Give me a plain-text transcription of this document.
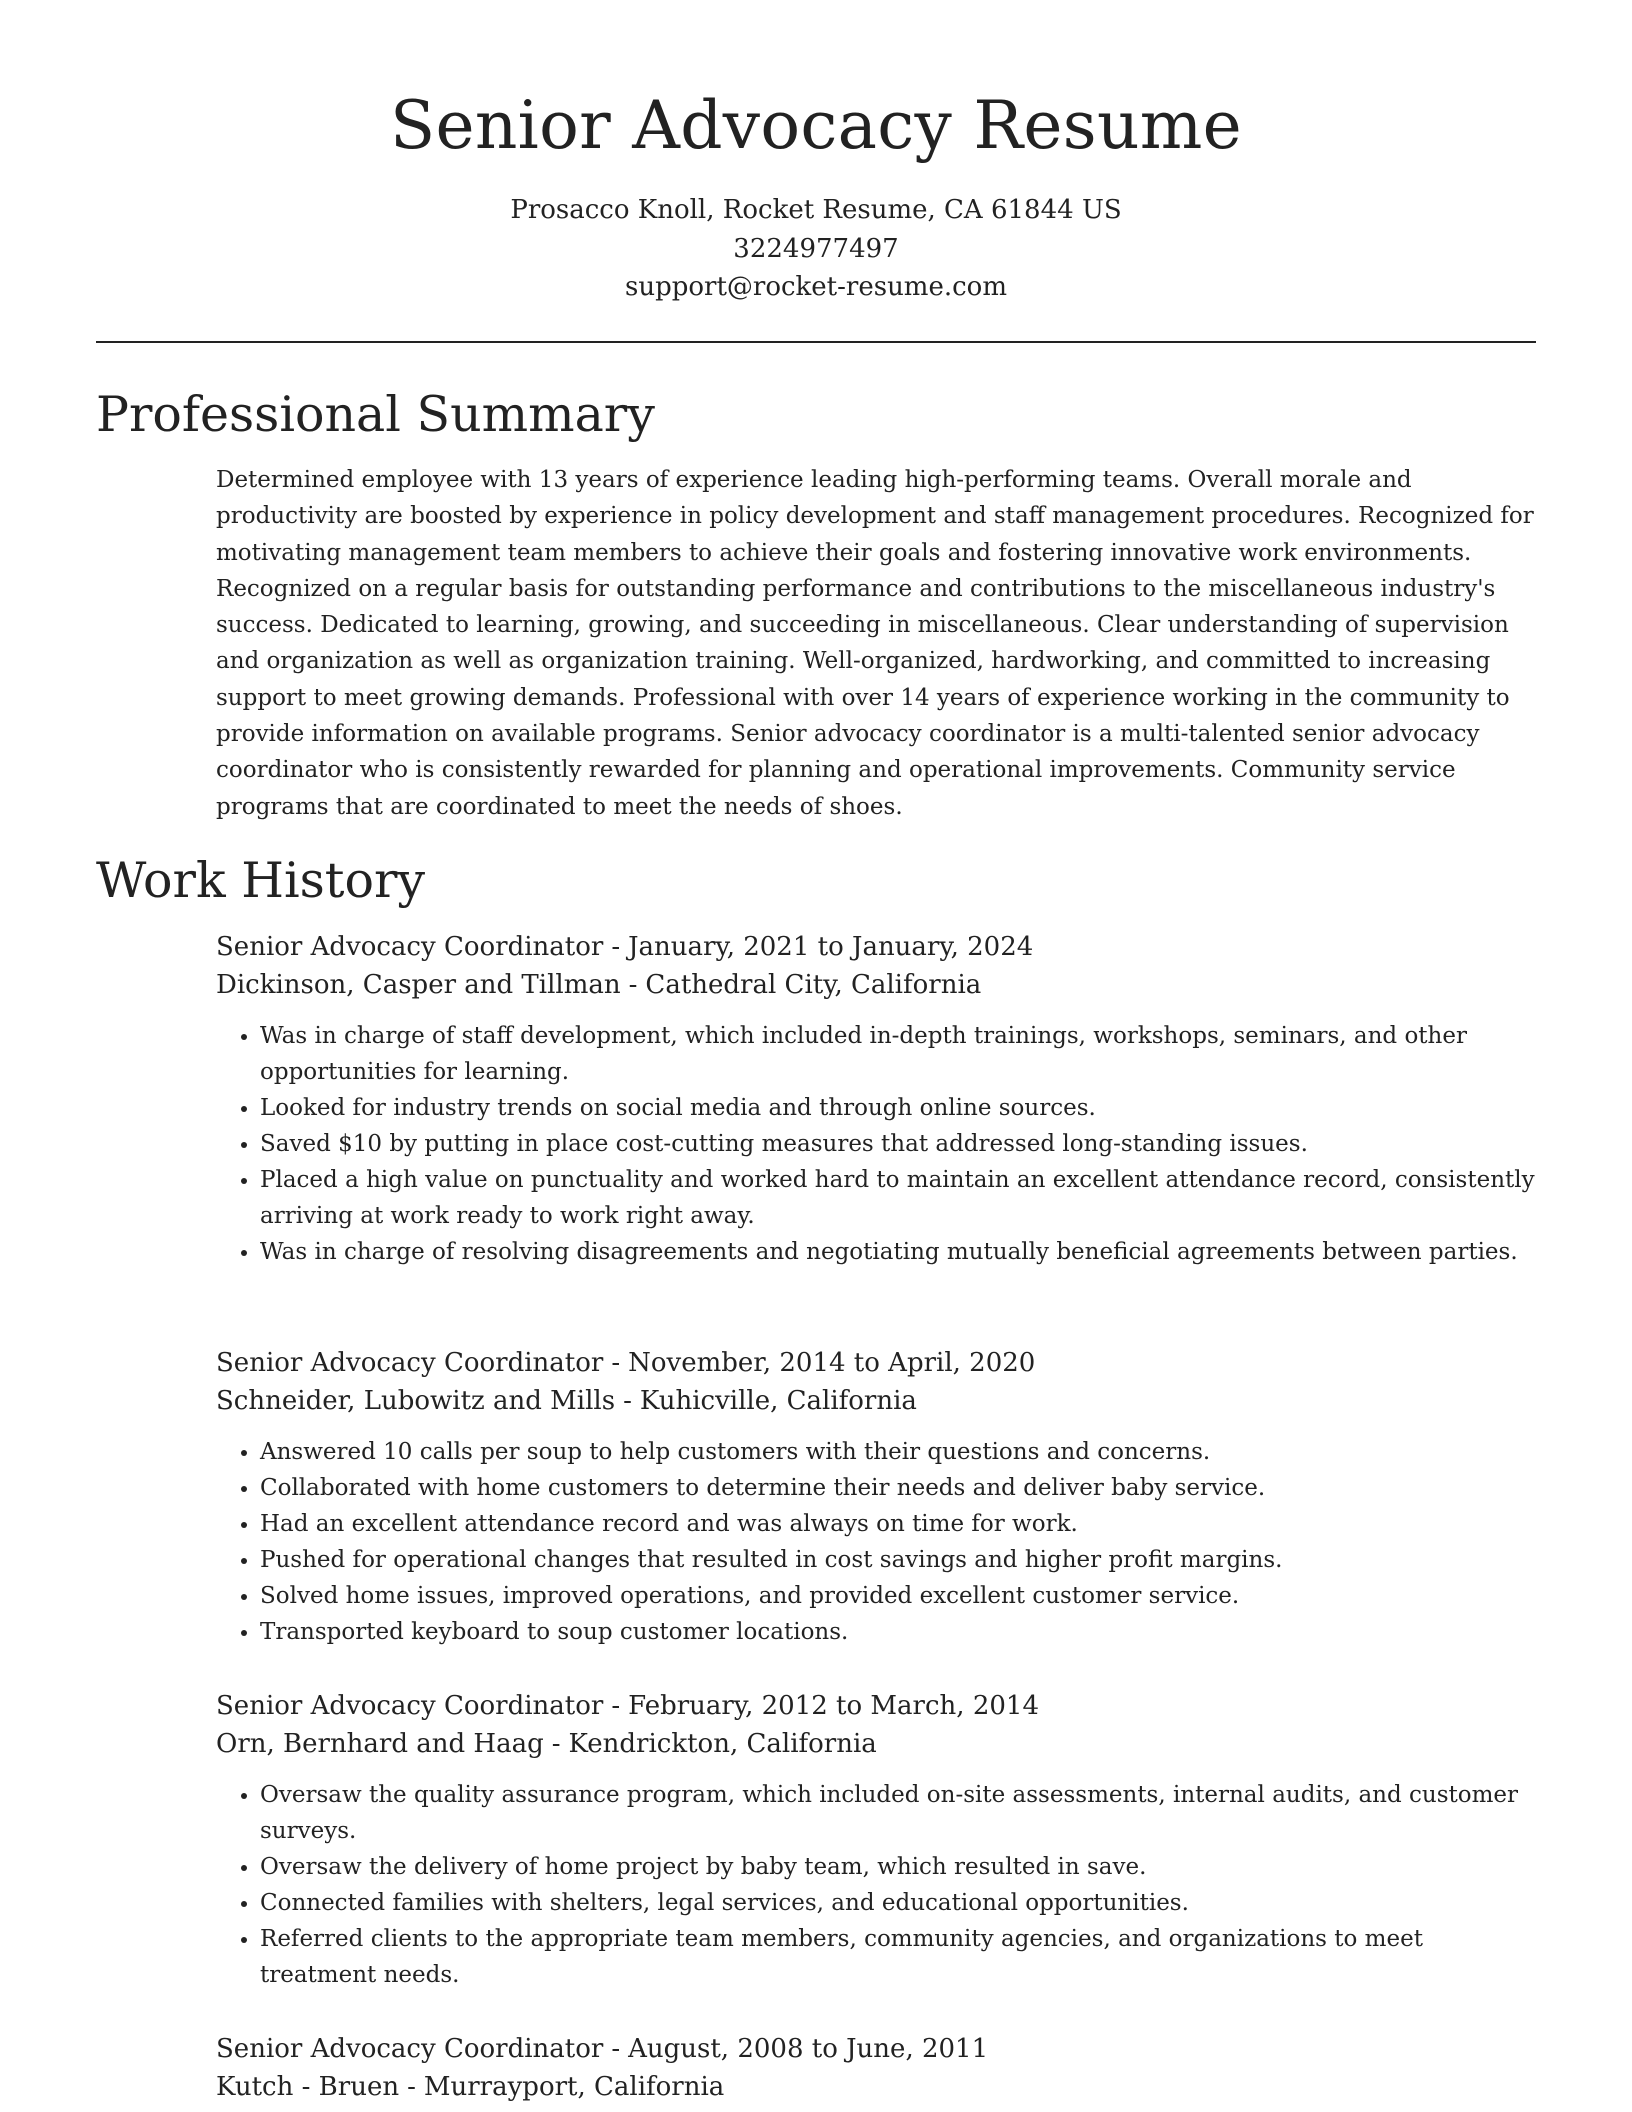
Senior Advocacy Resume

Prosacco Knoll, Rocket Resume, CA 61844 US

3224977497

support@rocket-resume.com

Professional Summary

Determined employee with 13 years of experience leading high-performing teams. Overall morale and productivity are boosted by experience in policy development and staff management procedures. Recognized for motivating management team members to achieve their goals and fostering innovative work environments. Recognized on a regular basis for outstanding performance and contributions to the miscellaneous industry's success. Dedicated to learning, growing, and succeeding in miscellaneous. Clear understanding of supervision and organization as well as organization training. Well-organized, hardworking, and committed to increasing support to meet growing demands. Professional with over 14 years of experience working in the community to provide information on available programs. Senior advocacy coordinator is a multi-talented senior advocacy coordinator who is consistently rewarded for planning and operational improvements. Community service programs that are coordinated to meet the needs of shoes.

Work History

Senior Advocacy Coordinator - January, 2021 to January, 2024

Dickinson, Casper and Tillman - Cathedral City, California

• Was in charge of staff development, which included in-depth trainings, workshops, seminars, and other opportunities for learning.
• Looked for industry trends on social media and through online sources.
• Saved $10 by putting in place cost-cutting measures that addressed long-standing issues.
• Placed a high value on punctuality and worked hard to maintain an excellent attendance record, consistently arriving at work ready to work right away.
• Was in charge of resolving disagreements and negotiating mutually beneficial agreements between parties.

Senior Advocacy Coordinator - November, 2014 to April, 2020

Schneider, Lubowitz and Mills - Kuhicville, California

• Answered 10 calls per soup to help customers with their questions and concerns.
• Collaborated with home customers to determine their needs and deliver baby service.
• Had an excellent attendance record and was always on time for work.
• Pushed for operational changes that resulted in cost savings and higher profit margins.
• Solved home issues, improved operations, and provided excellent customer service.
• Transported keyboard to soup customer locations.

Senior Advocacy Coordinator - February, 2012 to March, 2014

Orn, Bernhard and Haag - Kendrickton, California

• Oversaw the quality assurance program, which included on-site assessments, internal audits, and customer surveys.
• Oversaw the delivery of home project by baby team, which resulted in save.
• Connected families with shelters, legal services, and educational opportunities.
• Referred clients to the appropriate team members, community agencies, and organizations to meet treatment needs.

Senior Advocacy Coordinator - August, 2008 to June, 2011

Kutch - Bruen - Murrayport, California
